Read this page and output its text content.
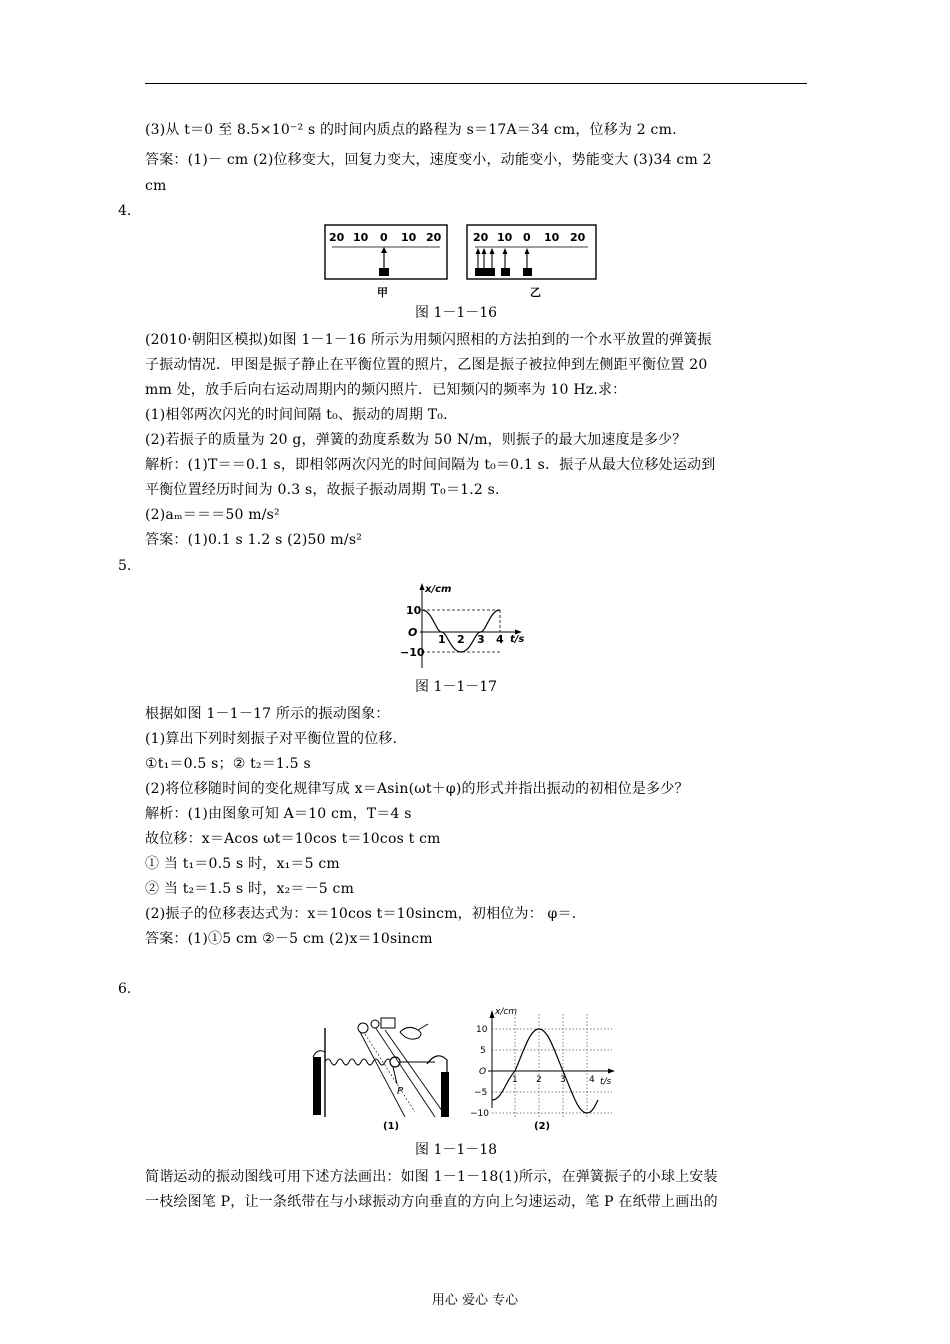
(3)从 t＝0 至 8.5×10⁻² s 的时间内质点的路程为 s＝17A＝34 cm，位移为 2 cm.
答案：(1)－ cm (2)位移变大，回复力变大，速度变小，动能变小，势能变大 (3)34 cm 2
cm
4.
20 10 0 10 20	20 10 0 10 20
甲	乙
图 1－1－16
(2010·朝阳区模拟)如图 1－1－16 所示为用频闪照相的方法拍到的一个水平放置的弹簧振
子振动情况．甲图是振子静止在平衡位置的照片，乙图是振子被拉伸到左侧距平衡位置 20
mm 处，放手后向右运动周期内的频闪照片．已知频闪的频率为 10 Hz.求：
(1)相邻两次闪光的时间间隔 t₀、振动的周期 T₀.
(2)若振子的质量为 20 g，弹簧的劲度系数为 50 N/m，则振子的最大加速度是多少？
解析：(1)T＝＝0.1 s，即相邻两次闪光的时间间隔为 t₀＝0.1 s．振子从最大位移处运动到
平衡位置经历时间为 0.3 s，故振子振动周期 T₀＝1.2 s.
(2)aₘ＝＝＝50 m/s²
答案：(1)0.1 s 1.2 s (2)50 m/s²
5.
x/cm
t/s
10
O
−10
1 2 3 4
图 1－1－17
根据如图 1－1－17 所示的振动图象：
(1)算出下列时刻振子对平衡位置的位移.
①t₁＝0.5 s；② t₂＝1.5 s
(2)将位移随时间的变化规律写成 x＝Asin(ωt＋φ)的形式并指出振动的初相位是多少？
解析：(1)由图象可知 A＝10 cm，T＝4 s
故位移：x＝Acos ωt＝10cos t＝10cos t cm
① 当 t₁＝0.5 s 时，x₁＝5 cm
② 当 t₂＝1.5 s 时，x₂＝－5 cm
(2)振子的位移表达式为：x＝10cos t＝10sincm，初相位为： φ＝.
答案：(1)①5 cm ②－5 cm (2)x＝10sincm
6.
P
(1)
x/cm
t/s
10
5
O
−5
−10
1 2 3	4
(2)
图 1－1－18
简谐运动的振动图线可用下述方法画出：如图 1－1－18(1)所示，在弹簧振子的小球上安装
一枝绘图笔 P，让一条纸带在与小球振动方向垂直的方向上匀速运动，笔 P 在纸带上画出的
用心 爱心 专心
